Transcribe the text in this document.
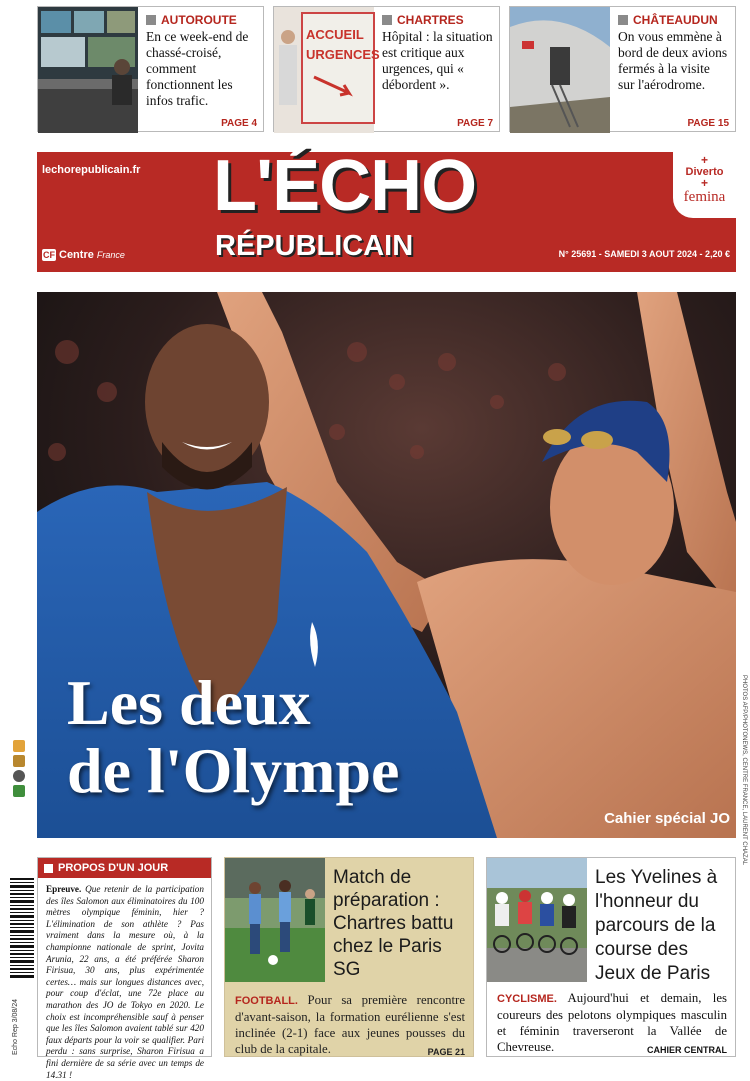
AUTOROUTE
En ce week-end de chassé-croisé, comment fonctionnent les infos trafic.
PAGE 4
ACCUEIL
URGENCES
CHARTRES
Hôpital : la situation est critique aux urgences, qui « débordent ».
PAGE 7
CHÂTEAUDUN
On vous emmène à bord de deux avions fermés à la visite sur l'aérodrome.
PAGE 15
lechorepublicain.fr L'ÉCHO
RÉPUBLICAIN
CF Centre France	N° 25691 - SAMEDI 3 AOUT 2024 - 2,20 €
+
Diverto
+
femina
Les deux
de l'Olympe
Cahier spécial JO PHOTOS AFP/PHOTONEWS, CENTRE FRANCE, LAURENT CHAZAL
Echo Rep 3/08/24
PROPOS D'UN JOUR
Epreuve. Que retenir de la participation des îles Salomon aux éliminatoires du 100 mètres olympique féminin, hier ? L'élimination de son athlète ? Pas vraiment dans la mesure où, à la championne nationale de sprint, Jovita Arunia, 22 ans, a été préférée Sharon Firisua, 30 ans, plus expérimentée certes… mais sur longues distances avec, pour coup d'éclat, une 72e place au marathon des JO de Tokyo en 2020. Le choix est incompréhensible sauf à penser que les îles Salomon avaient tablé sur 420 faux départs pour la voir se qualifier. Pari perdu : sans surprise, Sharon Firisua a fini dernière de sa série avec un temps de 14.31 !
Match de préparation : Chartres battu chez le Paris SG
FOOTBALL. Pour sa première rencontre d'avant-saison, la formation eurélienne s'est inclinée (2-1) face aux jeunes pousses du club de la capitale.	PAGE 21
Les Yvelines à l'honneur du parcours de la course des Jeux de Paris
CYCLISME. Aujourd'hui et demain, les coureurs des pelotons olympiques masculin et féminin traverseront la Vallée de Chevreuse.	CAHIER CENTRAL
